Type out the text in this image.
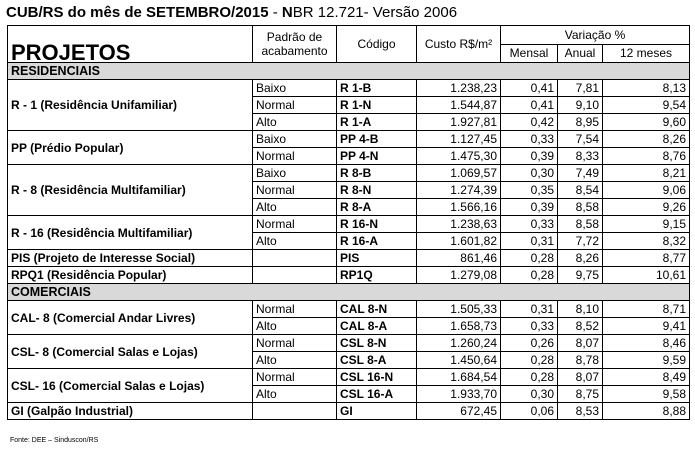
CUB/RS do mês de SETEMBRO/2015 - NBR 12.721- Versão 2006
PROJETOS	Padrão de acabamento	Código	Custo R$/m²	Variação %		
				Mensal	Anual	12 meses
RESIDENCIAIS						
R - 1 (Residência Unifamiliar)	Baixo	R 1-B	1.238,23	0,41	7,81	8,13
	Normal	R 1-N	1.544,87	0,41	9,10	9,54
	Alto	R 1-A	1.927,81	0,42	8,95	9,60
PP (Prédio Popular)	Baixo	PP 4-B	1.127,45	0,33	7,54	8,26
	Normal	PP 4-N	1.475,30	0,39	8,33	8,76
R - 8 (Residência Multifamiliar)	Baixo	R 8-B	1.069,57	0,30	7,49	8,21
	Normal	R 8-N	1.274,39	0,35	8,54	9,06
	Alto	R 8-A	1.566,16	0,39	8,58	9,26
R - 16 (Residência Multifamiliar)	Normal	R 16-N	1.238,63	0,33	8,58	9,15
	Alto	R 16-A	1.601,82	0,31	7,72	8,32
PIS (Projeto de Interesse Social)		PIS	861,46	0,28	8,26	8,77
RPQ1 (Residência Popular)		RP1Q	1.279,08	0,28	9,75	10,61
COMERCIAIS						
CAL- 8 (Comercial Andar Livres)	Normal	CAL 8-N	1.505,33	0,31	8,10	8,71
	Alto	CAL 8-A	1.658,73	0,33	8,52	9,41
CSL- 8 (Comercial Salas e Lojas)	Normal	CSL 8-N	1.260,24	0,26	8,07	8,46
	Alto	CSL 8-A	1.450,64	0,28	8,78	9,59
CSL- 16 (Comercial Salas e Lojas)	Normal	CSL 16-N	1.684,54	0,28	8,07	8,49
	Alto	CSL 16-A	1.933,70	0,30	8,75	9,58
GI (Galpão Industrial)		GI	672,45	0,06	8,53	8,88
Fonte: DEE – Sinduscon/RS
